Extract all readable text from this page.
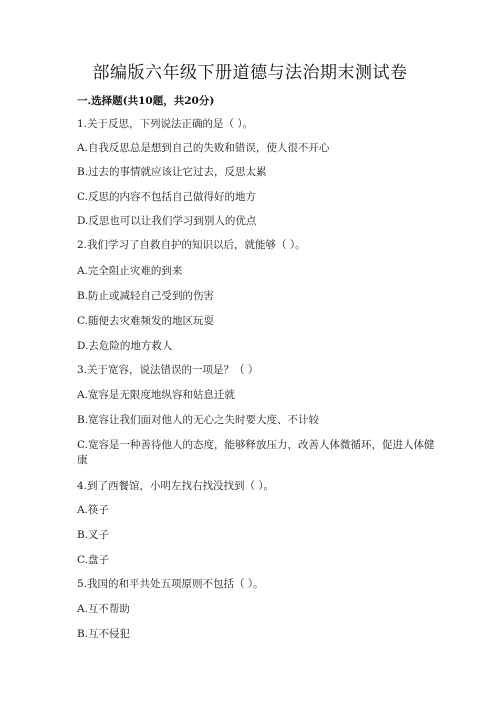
部编版六年级下册道德与法治期末测试卷
一.选择题(共10题，共20分)
1.关于反思，下列说法正确的是（ ）。
A.自我反思总是想到自己的失败和错误，使人很不开心
B.过去的事情就应该让它过去，反思太累
C.反思的内容不包括自己做得好的地方
D.反思也可以让我们学习到别人的优点
2.我们学习了自救自护的知识以后，就能够（ ）。
A.完全阻止灾难的到来
B.防止或减轻自己受到的伤害
C.随便去灾难频发的地区玩耍
D.去危险的地方救人
3.关于宽容，说法错误的一项是？（ ）
A.宽容是无限度地纵容和姑息迁就
B.宽容让我们面对他人的无心之失时要大度、不计较
C.宽容是一种善待他人的态度，能够释放压力，改善人体微循环，促进人体健康
4.到了西餐馆，小明左找右找没找到（ ）。
A.筷子
B.叉子
C.盘子
5.我国的和平共处五项原则不包括（ ）。
A.互不帮助
B.互不侵犯
